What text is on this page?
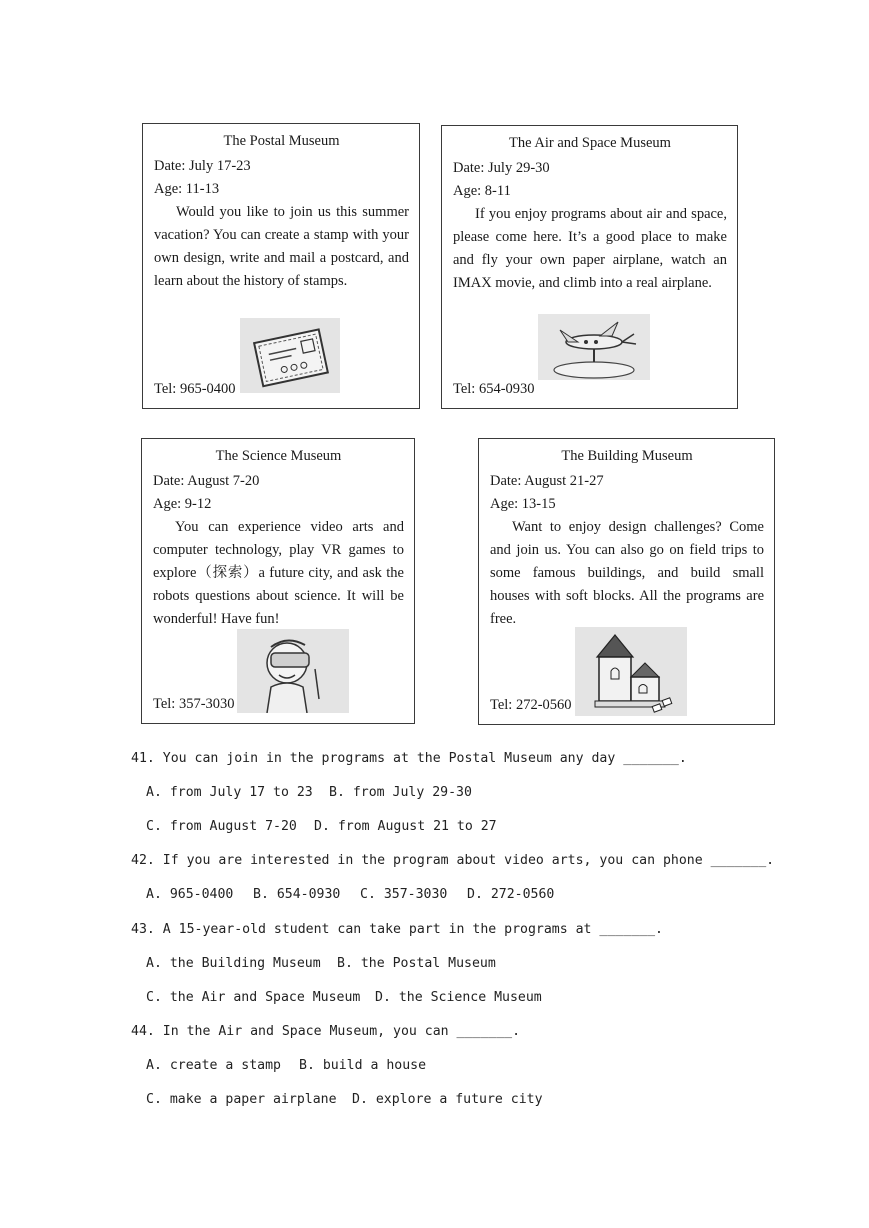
The Postal Museum

Date: July 17-23

Age: 11-13

Would you like to join us this summer vacation? You can create a stamp with your own design, write and mail a postcard, and learn about the history of stamps.

Tel: 965-0400

The Air and Space Museum

Date: July 29-30

Age: 8-11

If you enjoy programs about air and space, please come here. It’s a good place to make and fly your own paper airplane, watch an IMAX movie, and climb into a real airplane.

Tel: 654-0930

The Science Museum

Date: August 7-20

Age: 9-12

You can experience video arts and computer technology, play VR games to explore（探索）a future city, and ask the robots questions about science. It will be wonderful! Have fun!

Tel: 357-3030

The Building Museum

Date: August 21-27

Age: 13-15

Want to enjoy design challenges? Come and join us. You can also go on field trips to some famous buildings, and build small houses with soft blocks. All the programs are free.

Tel: 272-0560
41. You can join in the programs at the Postal Museum any day _______.
A. from July 17 to 23 B. from July 29-30
C. from August 7-20 D. from August 21 to 27
42. If you are interested in the program about video arts, you can phone _______.
A. 965-0400 B. 654-0930 C. 357-3030 D. 272-0560
43. A 15-year-old student can take part in the programs at _______.
A. the Building Museum B. the Postal Museum
C. the Air and Space Museum D. the Science Museum
44. In the Air and Space Museum, you can _______.
A. create a stamp B. build a house
C. make a paper airplane D. explore a future city
